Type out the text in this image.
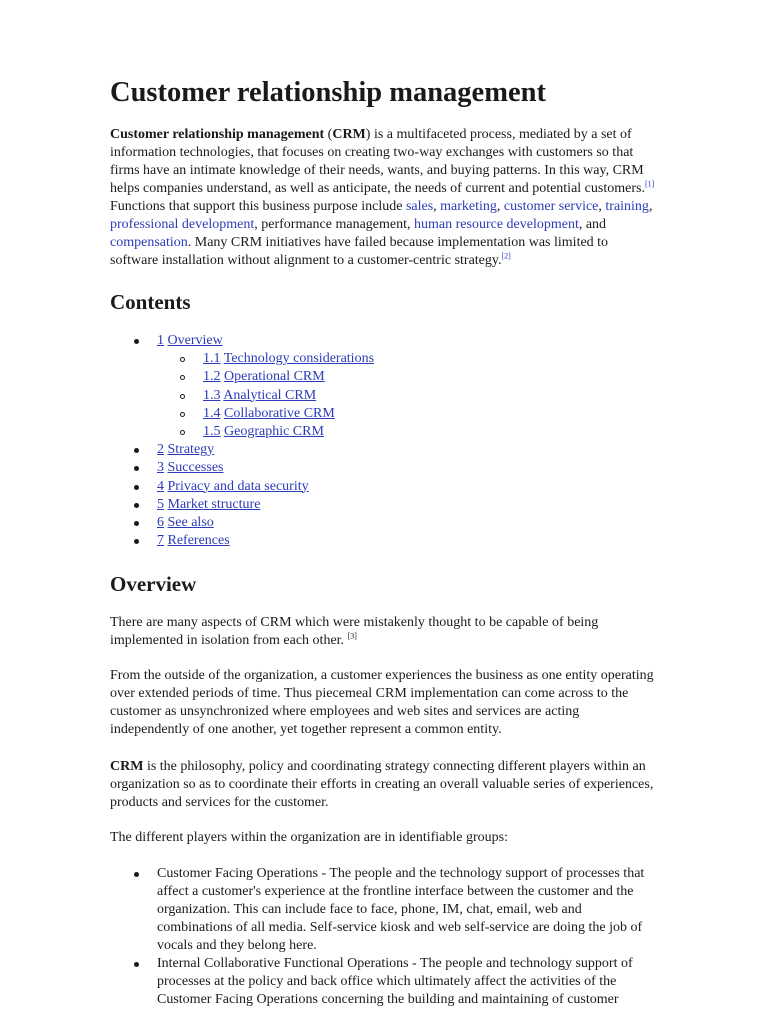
Customer relationship management
Customer relationship management (CRM) is a multifaceted process, mediated by a set of
information technologies, that focuses on creating two-way exchanges with customers so that
firms have an intimate knowledge of their needs, wants, and buying patterns. In this way, CRM
helps companies understand, as well as anticipate, the needs of current and potential customers.[1]
Functions that support this business purpose include sales, marketing, customer service, training,
professional development, performance management, human resource development, and
compensation. Many CRM initiatives have failed because implementation was limited to
software installation without alignment to a customer-centric strategy.[2]
Contents
1 Overview
1.1 Technology considerations
1.2 Operational CRM
1.3 Analytical CRM
1.4 Collaborative CRM
1.5 Geographic CRM
2 Strategy
3 Successes
4 Privacy and data security
5 Market structure
6 See also
7 References
Overview
There are many aspects of CRM which were mistakenly thought to be capable of being
implemented in isolation from each other. [3]
From the outside of the organization, a customer experiences the business as one entity operating
over extended periods of time. Thus piecemeal CRM implementation can come across to the
customer as unsynchronized where employees and web sites and services are acting
independently of one another, yet together represent a common entity.
CRM is the philosophy, policy and coordinating strategy connecting different players within an
organization so as to coordinate their efforts in creating an overall valuable series of experiences,
products and services for the customer.
The different players within the organization are in identifiable groups:
Customer Facing Operations - The people and the technology support of processes that
affect a customer's experience at the frontline interface between the customer and the
organization. This can include face to face, phone, IM, chat, email, web and
combinations of all media. Self-service kiosk and web self-service are doing the job of
vocals and they belong here.
Internal Collaborative Functional Operations - The people and technology support of
processes at the policy and back office which ultimately affect the activities of the
Customer Facing Operations concerning the building and maintaining of customer
